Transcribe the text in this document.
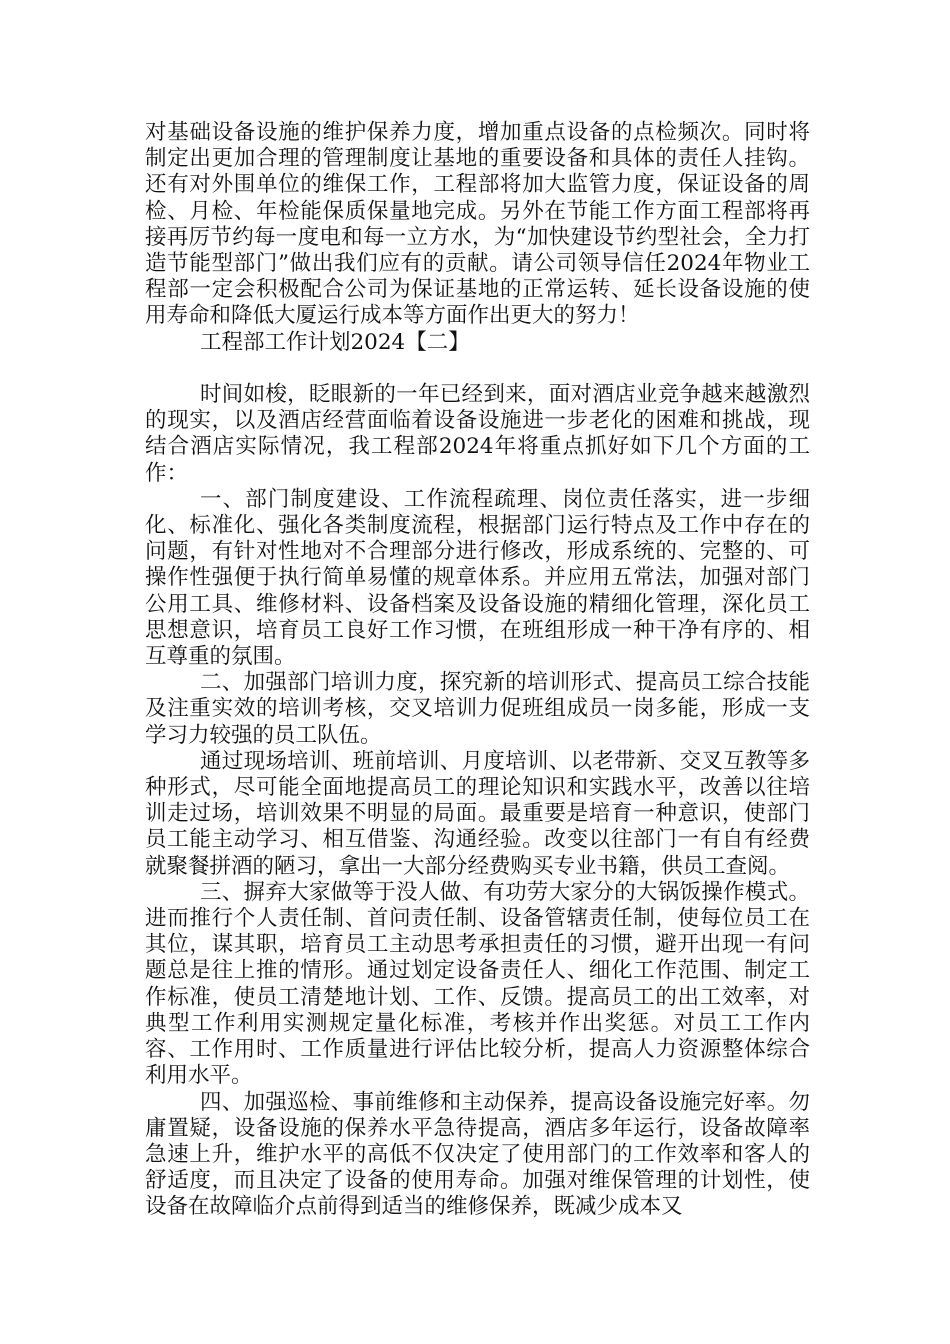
对基础设备设施的维护保养力度，增加重点设备的点检频次。同时将制定出更加合理的管理制度让基地的重要设备和具体的责任人挂钩。还有对外围单位的维保工作，工程部将加大监管力度，保证设备的周检、月检、年检能保质保量地完成。另外在节能工作方面工程部将再接再厉节约每一度电和每一立方水，为“加快建设节约型社会，全力打造节能型部门”做出我们应有的贡献。请公司领导信任2024年物业工程部一定会积极配合公司为保证基地的正常运转、延长设备设施的使用寿命和降低大厦运行成本等方面作出更大的努力！

工程部工作计划2024【二】

时间如梭，眨眼新的一年已经到来，面对酒店业竞争越来越激烈的现实，以及酒店经营面临着设备设施进一步老化的困难和挑战，现结合酒店实际情况，我工程部2024年将重点抓好如下几个方面的工作：

一、部门制度建设、工作流程疏理、岗位责任落实，进一步细化、标准化、强化各类制度流程，根据部门运行特点及工作中存在的问题，有针对性地对不合理部分进行修改，形成系统的、完整的、可操作性强便于执行简单易懂的规章体系。并应用五常法，加强对部门公用工具、维修材料、设备档案及设备设施的精细化管理，深化员工思想意识，培育员工良好工作习惯，在班组形成一种干净有序的、相互尊重的氛围。

二、加强部门培训力度，探究新的培训形式、提高员工综合技能及注重实效的培训考核，交叉培训力促班组成员一岗多能，形成一支学习力较强的员工队伍。

通过现场培训、班前培训、月度培训、以老带新、交叉互教等多种形式，尽可能全面地提高员工的理论知识和实践水平，改善以往培训走过场，培训效果不明显的局面。最重要是培育一种意识，使部门员工能主动学习、相互借鉴、沟通经验。改变以往部门一有自有经费就聚餐拼酒的陋习，拿出一大部分经费购买专业书籍，供员工查阅。

三、摒弃大家做等于没人做、有功劳大家分的大锅饭操作模式。进而推行个人责任制、首问责任制、设备管辖责任制，使每位员工在其位，谋其职，培育员工主动思考承担责任的习惯，避开出现一有问题总是往上推的情形。通过划定设备责任人、细化工作范围、制定工作标准，使员工清楚地计划、工作、反馈。提高员工的出工效率，对典型工作利用实测规定量化标准，考核并作出奖惩。对员工工作内容、工作用时、工作质量进行评估比较分析，提高人力资源整体综合利用水平。

四、加强巡检、事前维修和主动保养，提高设备设施完好率。勿庸置疑，设备设施的保养水平急待提高，酒店多年运行，设备故障率急速上升，维护水平的高低不仅决定了使用部门的工作效率和客人的舒适度，而且决定了设备的使用寿命。加强对维保管理的计划性，使设备在故障临介点前得到适当的维修保养，既减少成本又
